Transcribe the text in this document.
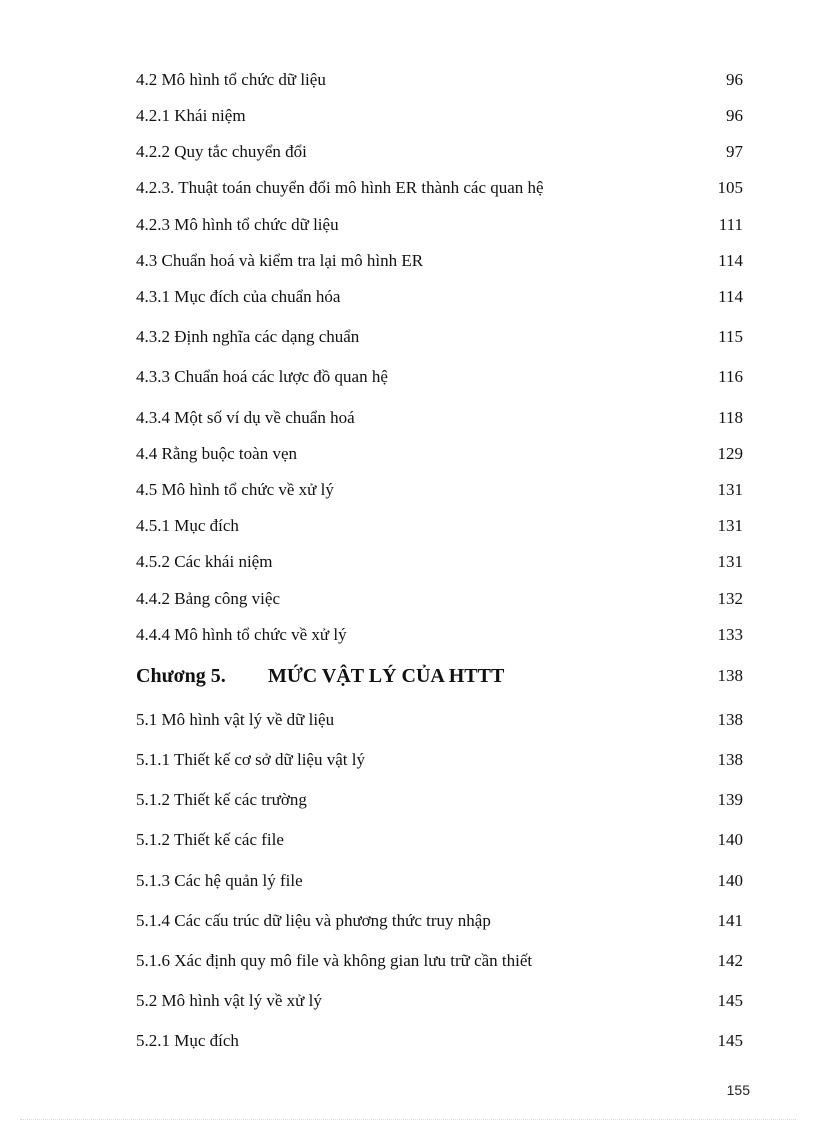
4.2 Mô hình tổ chức dữ liệu	96
4.2.1 Khái niệm	96
4.2.2 Quy tắc chuyển đổi	97
4.2.3. Thuật toán chuyển đổi mô hình ER thành các quan hệ	105
4.2.3 Mô hình tổ chức dữ liệu	111
4.3 Chuẩn hoá và kiểm tra lại mô hình ER	114
4.3.1 Mục đích của chuẩn hóa	114
4.3.2 Định nghĩa các dạng chuẩn	115
4.3.3 Chuẩn hoá các lược đồ quan hệ	116
4.3.4 Một số ví dụ về chuẩn hoá	118
4.4 Rằng buộc toàn vẹn	129
4.5 Mô hình tổ chức về xử lý	131
4.5.1 Mục đích	131
4.5.2 Các khái niệm	131
4.4.2 Bảng công việc	132
4.4.4 Mô hình tổ chức về xử lý	133
Chương 5. MỨC VẬT LÝ CỦA HTTT	138
5.1 Mô hình vật lý về dữ liệu	138
5.1.1 Thiết kế cơ sở dữ liệu vật lý	138
5.1.2 Thiết kế các trường	139
5.1.2 Thiết kế các file	140
5.1.3 Các hệ quản lý file	140
5.1.4 Các cấu trúc dữ liệu và phương thức truy nhập	141
5.1.6 Xác định quy mô file và không gian lưu trữ cần thiết	142
5.2 Mô hình vật lý về xử lý	145
5.2.1 Mục đích	145
155
